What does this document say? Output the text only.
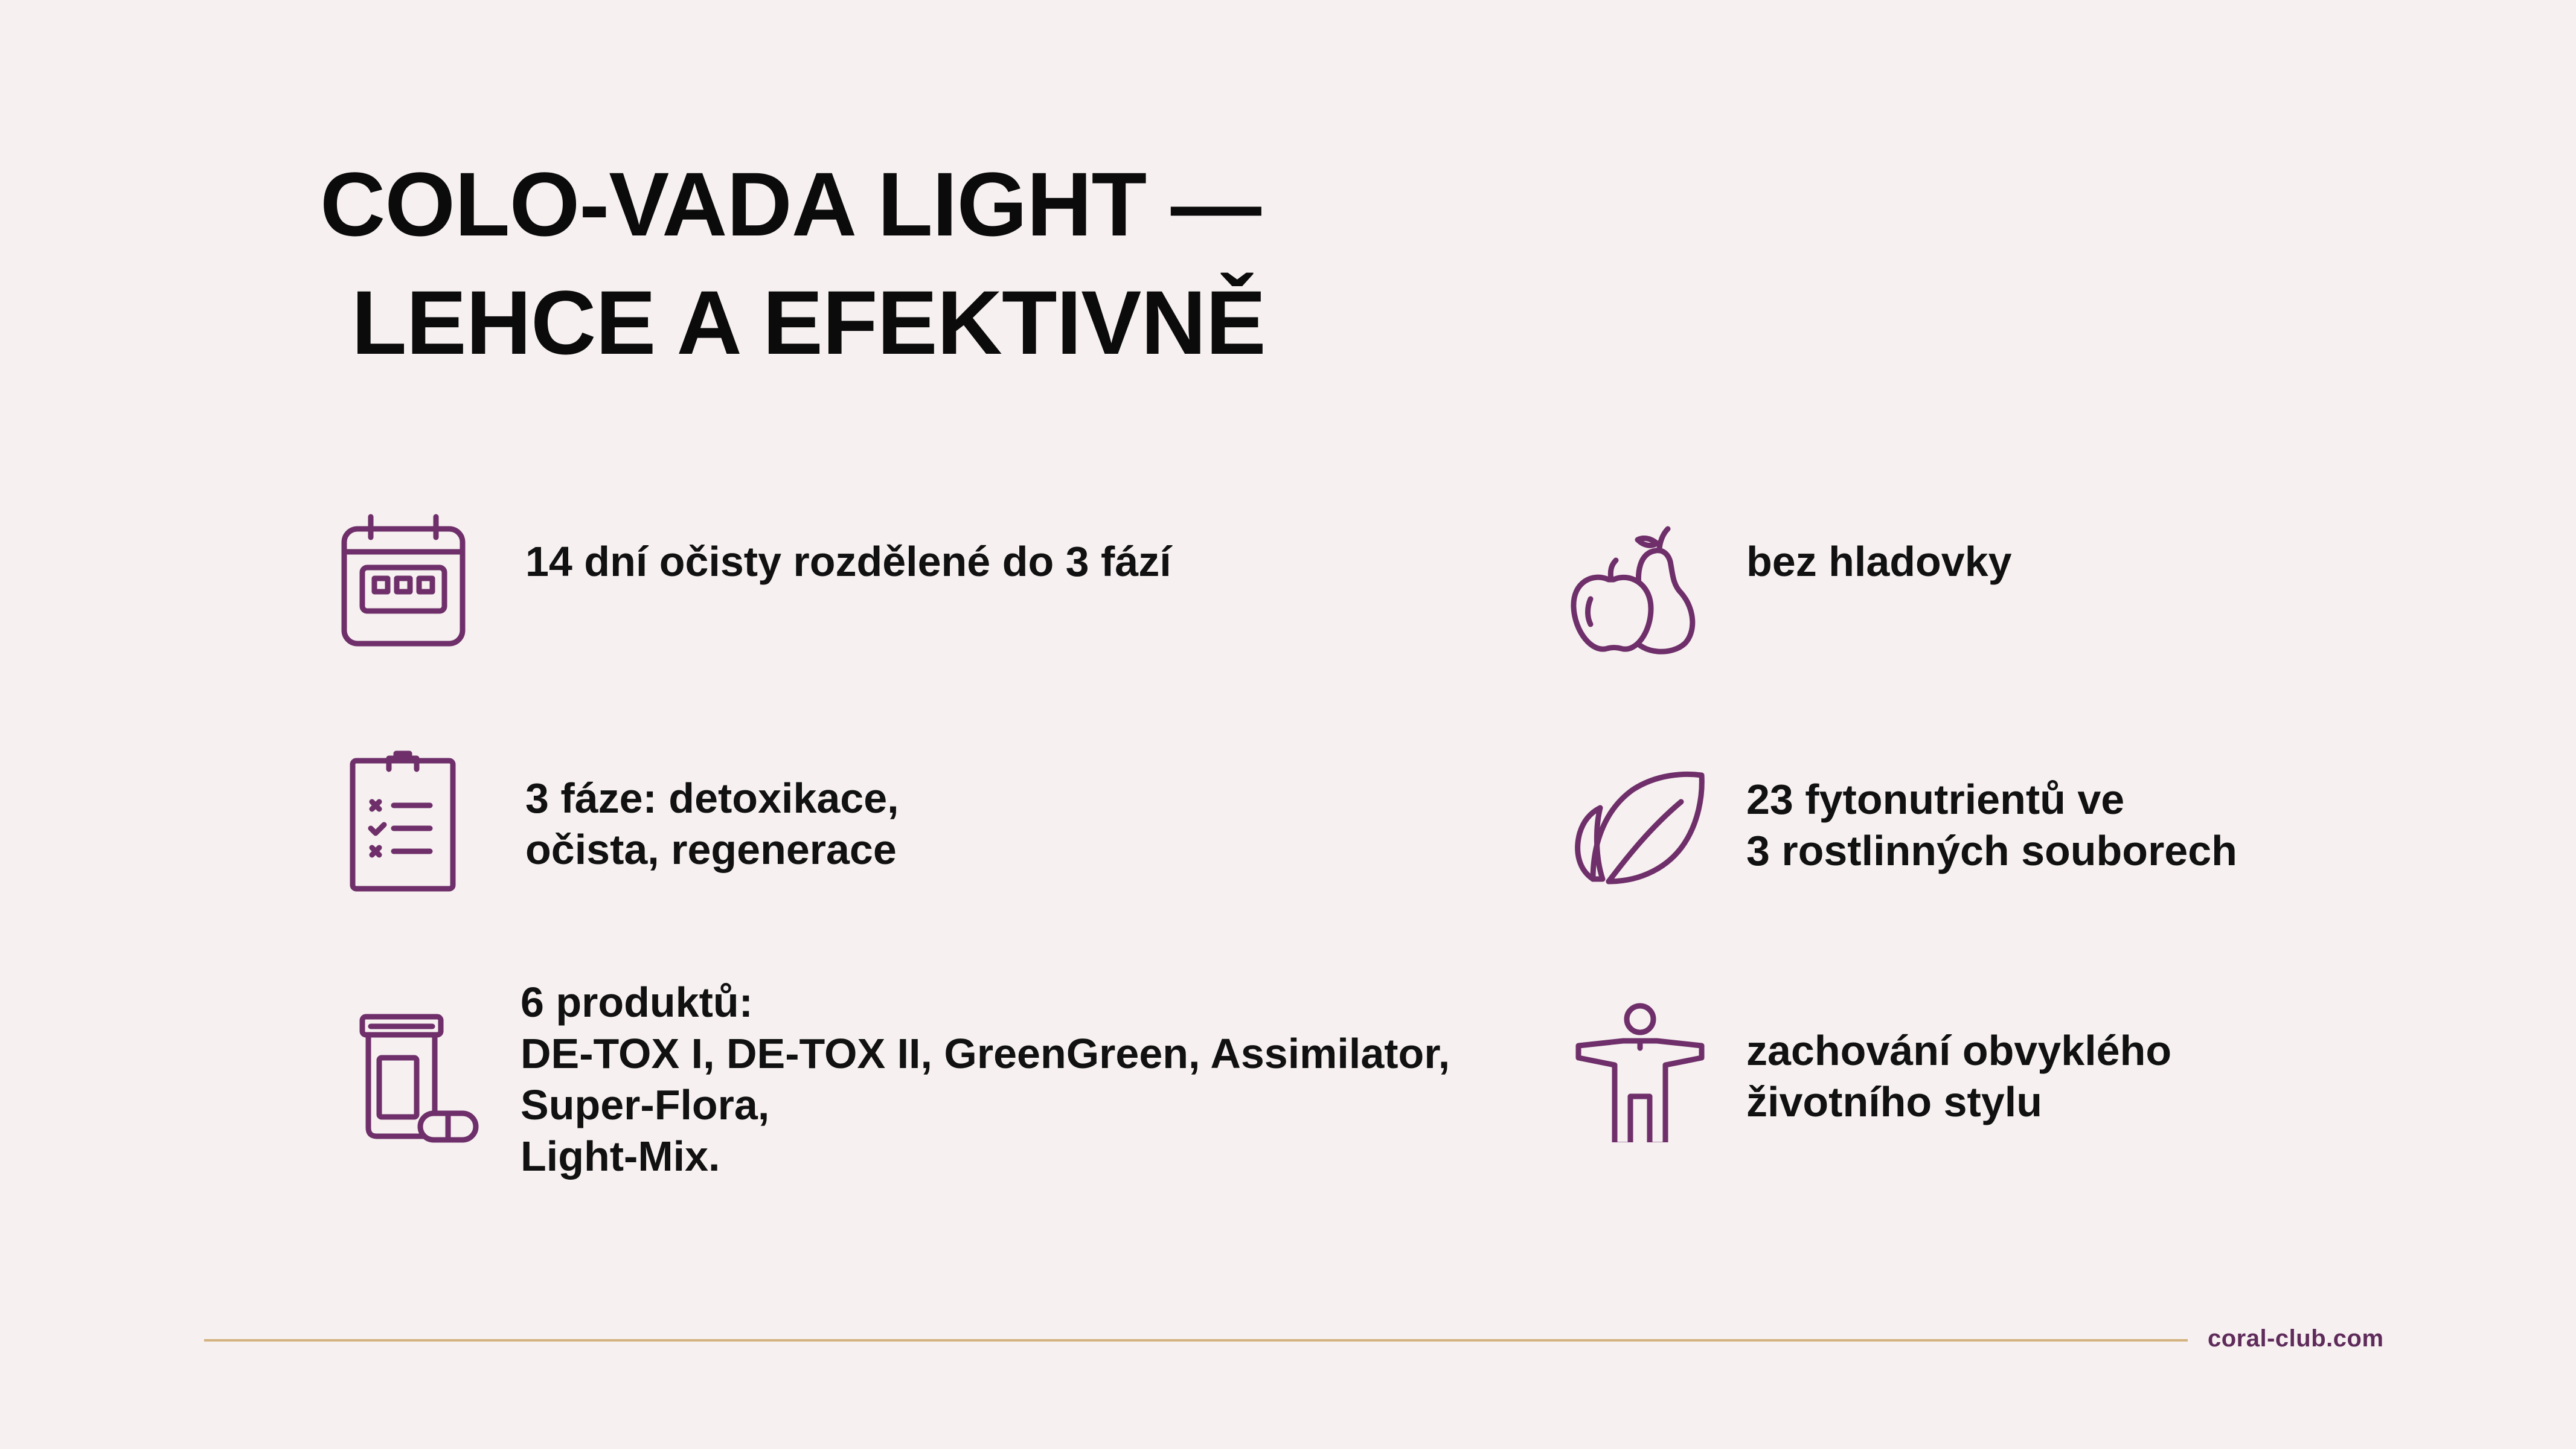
COLO-VADA LIGHT —
LEHCE A EFEKTIVNĚ
14 dní očisty rozdělené do 3 fází
3 fáze: detoxikace,
očista, regenerace
6 produktů:
DE-TOX I, DE-TOX II, GreenGreen, Assimilator,
Super-Flora,
Light-Mix.
bez hladovky
23 fytonutrientů ve
3 rostlinných souborech
zachování obvyklého
životního stylu
coral-club.com
